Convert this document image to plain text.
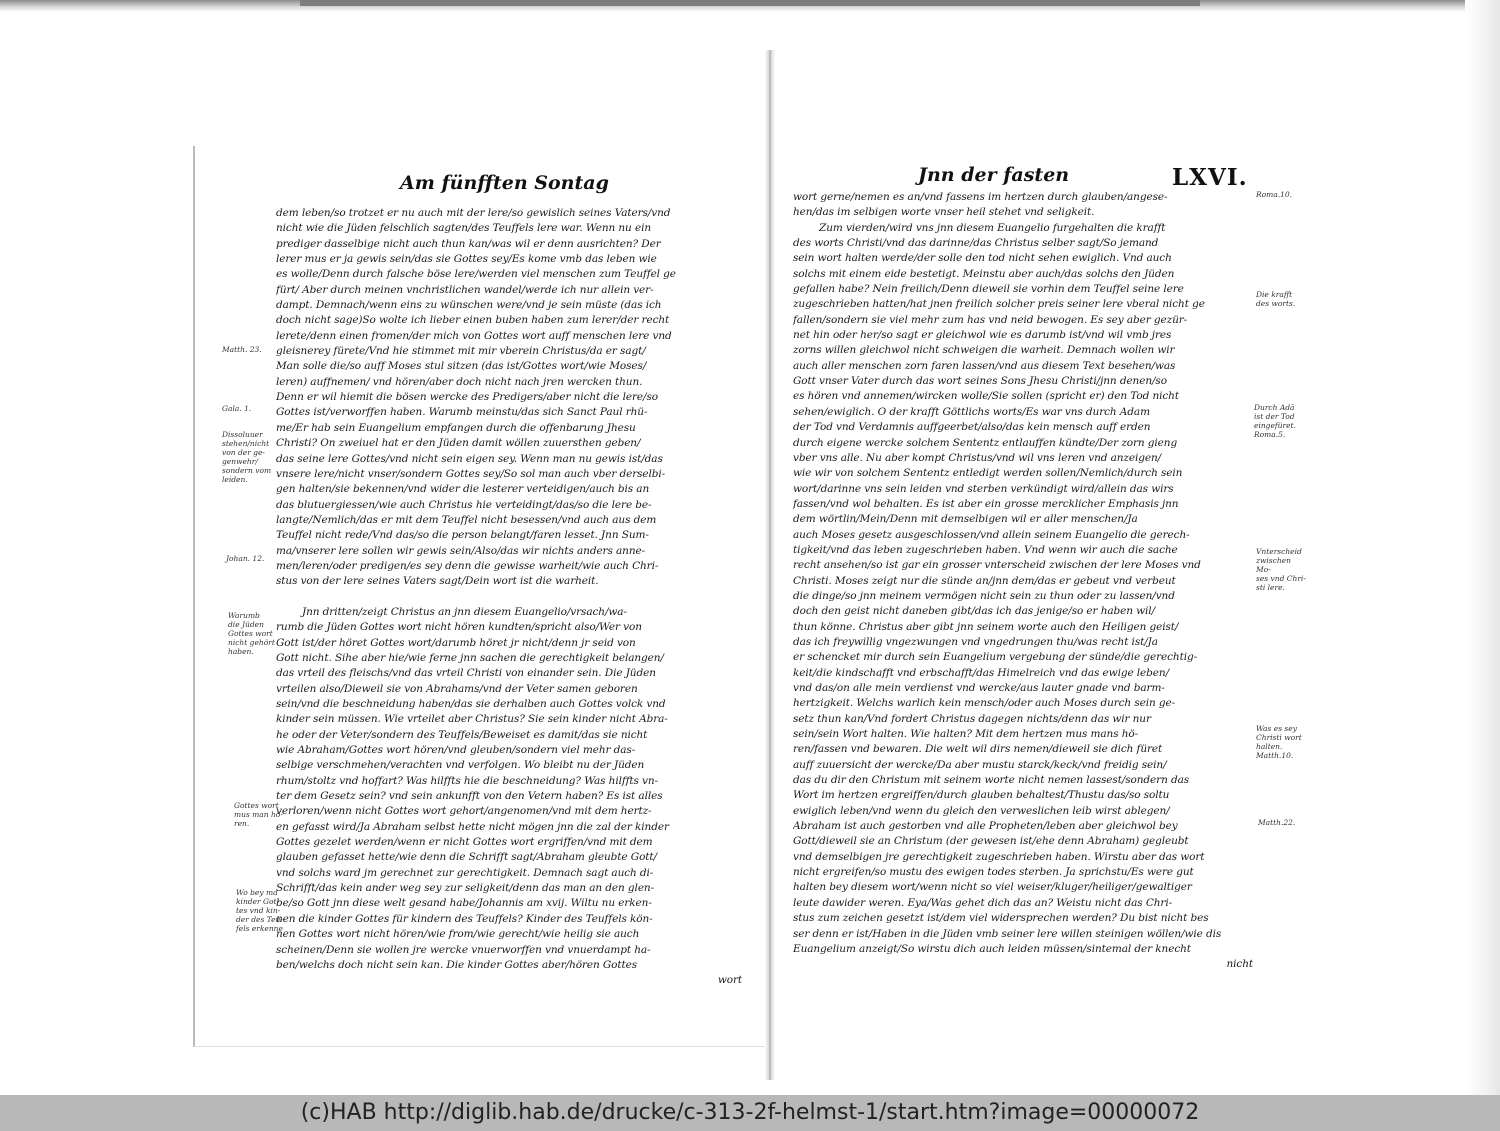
Am fünfften Sontag
dem leben/so trotzet er nu auch mit der lere/so gewislich seines Vaters/vnd
nicht wie die Jüden felschlich sagten/des Teuffels lere war. Wenn nu ein
prediger dasselbige nicht auch thun kan/was wil er denn ausrichten? Der
lerer mus er ja gewis sein/das sie Gottes sey/Es kome vmb das leben wie
es wolle/Denn durch falsche böse lere/werden viel menschen zum Teuffel ge
fürt/ Aber durch meinen vnchristlichen wandel/werde ich nur allein ver-
dampt. Demnach/wenn eins zu wünschen were/vnd je sein müste (das ich
doch nicht sage)So wolte ich lieber einen buben haben zum lerer/der recht
lerete/denn einen fromen/der mich von Gottes wort auff menschen lere vnd
gleisnerey fürete/Vnd hie stimmet mit mir vberein Christus/da er sagt/
Man solle die/so auff Moses stul sitzen (das ist/Gottes wort/wie Moses/
leren) auffnemen/ vnd hören/aber doch nicht nach jren wercken thun.
Denn er wil hiemit die bösen wercke des Predigers/aber nicht die lere/so
Gottes ist/verworffen haben. Warumb meinstu/das sich Sanct Paul rhü-
me/Er hab sein Euangelium empfangen durch die offenbarung Jhesu
Christi? On zweiuel hat er den Jüden damit wöllen zuuersthen geben/
das seine lere Gottes/vnd nicht sein eigen sey. Wenn man nu gewis ist/das
vnsere lere/nicht vnser/sondern Gottes sey/So sol man auch vber derselbi-
gen halten/sie bekennen/vnd wider die lesterer verteidigen/auch bis an
das blutuergiessen/wie auch Christus hie verteidingt/das/so die lere be-
langte/Nemlich/das er mit dem Teuffel nicht besessen/vnd auch aus dem
Teuffel nicht rede/Vnd das/so die person belangt/faren lesset. Jnn Sum-
ma/vnserer lere sollen wir gewis sein/Also/das wir nichts anders anne-
men/leren/oder predigen/es sey denn die gewisse warheit/wie auch Chri-
stus von der lere seines Vaters sagt/Dein wort ist die warheit.
Jnn dritten/zeigt Christus an jnn diesem Euangelio/vrsach/wa-
rumb die Jüden Gottes wort nicht hören kundten/spricht also/Wer von
Gott ist/der höret Gottes wort/darumb höret jr nicht/denn jr seid von
Gott nicht. Sihe aber hie/wie ferne jnn sachen die gerechtigkeit belangen/
das vrteil des fleischs/vnd das vrteil Christi von einander sein. Die Jüden
vrteilen also/Dieweil sie von Abrahams/vnd der Veter samen geboren
sein/vnd die beschneidung haben/das sie derhalben auch Gottes volck vnd
kinder sein müssen. Wie vrteilet aber Christus? Sie sein kinder nicht Abra-
he oder der Veter/sondern des Teuffels/Beweiset es damit/das sie nicht
wie Abraham/Gottes wort hören/vnd gleuben/sondern viel mehr das-
selbige verschmehen/verachten vnd verfolgen. Wo bleibt nu der Jüden
rhum/stoltz vnd hoffart? Was hilffts hie die beschneidung? Was hilffts vn-
ter dem Gesetz sein? vnd sein ankunfft von den Vetern haben? Es ist alles
verloren/wenn nicht Gottes wort gehort/angenomen/vnd mit dem hertz-
en gefasst wird/Ja Abraham selbst hette nicht mögen jnn die zal der kinder
Gottes gezelet werden/wenn er nicht Gottes wort ergriffen/vnd mit dem
glauben gefasset hette/wie denn die Schrifft sagt/Abraham gleubte Gott/
vnd solchs ward jm gerechnet zur gerechtigkeit. Demnach sagt auch di-
Schrifft/das kein ander weg sey zur seligkeit/denn das man an den glen-
be/so Gott jnn diese welt gesand habe/Johannis am xvij. Wiltu nu erken-
nen die kinder Gottes für kindern des Teuffels? Kinder des Teuffels kön-
nen Gottes wort nicht hören/wie from/wie gerecht/wie heilig sie auch
scheinen/Denn sie wollen jre wercke vnuerworffen vnd vnuerdampt ha-
ben/welchs doch nicht sein kan. Die kinder Gottes aber/hören Gottes
wort
Matth. 23.
Gala. 1.
Dissoluuer
stehen/nicht
von der ge-
genwehr/
sondern vom
leiden.
Johan. 12.
Warumb
die Jüden
Gottes wort
nicht gehört
haben.
Gottes wort
mus man hö-
ren.
Wo bey ma
kinder Got-
tes vnd kin-
der des Teu-
fels erkenne
Jnn der fasten	LXVI.
wort gerne/nemen es an/vnd fassens im hertzen durch glauben/angese-
hen/das im selbigen worte vnser heil stehet vnd seligkeit.
Zum vierden/wird vns jnn diesem Euangelio furgehalten die krafft
des worts Christi/vnd das darinne/das Christus selber sagt/So jemand
sein wort halten werde/der solle den tod nicht sehen ewiglich. Vnd auch
solchs mit einem eide bestetigt. Meinstu aber auch/das solchs den Jüden
gefallen habe? Nein freilich/Denn dieweil sie vorhin dem Teuffel seine lere
zugeschrieben hatten/hat jnen freilich solcher preis seiner lere vberal nicht ge
fallen/sondern sie viel mehr zum has vnd neid bewogen. Es sey aber gezür-
net hin oder her/so sagt er gleichwol wie es darumb ist/vnd wil vmb jres
zorns willen gleichwol nicht schweigen die warheit. Demnach wollen wir
auch aller menschen zorn faren lassen/vnd aus diesem Text besehen/was
Gott vnser Vater durch das wort seines Sons Jhesu Christi/jnn denen/so
es hören vnd annemen/wircken wolle/Sie sollen (spricht er) den Tod nicht
sehen/ewiglich. O der krafft Göttlichs worts/Es war vns durch Adam
der Tod vnd Verdamnis auffgeerbet/also/das kein mensch auff erden
durch eigene wercke solchem Sententz entlauffen kündte/Der zorn gieng
vber vns alle. Nu aber kompt Christus/vnd wil vns leren vnd anzeigen/
wie wir von solchem Sententz entledigt werden sollen/Nemlich/durch sein
wort/darinne vns sein leiden vnd sterben verkündigt wird/allein das wirs
fassen/vnd wol behalten. Es ist aber ein grosse mercklicher Emphasis jnn
dem wörtlin/Mein/Denn mit demselbigen wil er aller menschen/Ja
auch Moses gesetz ausgeschlossen/vnd allein seinem Euangelio die gerech-
tigkeit/vnd das leben zugeschrieben haben. Vnd wenn wir auch die sache
recht ansehen/so ist gar ein grosser vnterscheid zwischen der lere Moses vnd
Christi. Moses zeigt nur die sünde an/jnn dem/das er gebeut vnd verbeut
die dinge/so jnn meinem vermögen nicht sein zu thun oder zu lassen/vnd
doch den geist nicht daneben gibt/das ich das jenige/so er haben wil/
thun könne. Christus aber gibt jnn seinem worte auch den Heiligen geist/
das ich freywillig vngezwungen vnd vngedrungen thu/was recht ist/Ja
er schencket mir durch sein Euangelium vergebung der sünde/die gerechtig-
keit/die kindschafft vnd erbschafft/das Himelreich vnd das ewige leben/
vnd das/on alle mein verdienst vnd wercke/aus lauter gnade vnd barm-
hertzigkeit. Welchs warlich kein mensch/oder auch Moses durch sein ge-
setz thun kan/Vnd fordert Christus dagegen nichts/denn das wir nur
sein/sein Wort halten. Wie halten? Mit dem hertzen mus mans hö-
ren/fassen vnd bewaren. Die welt wil dirs nemen/dieweil sie dich füret
auff zuuersicht der wercke/Da aber mustu starck/keck/vnd freidig sein/
das du dir den Christum mit seinem worte nicht nemen lassest/sondern das
Wort im hertzen ergreiffen/durch glauben behaltest/Thustu das/so soltu
ewiglich leben/vnd wenn du gleich den verweslichen leib wirst ablegen/
Abraham ist auch gestorben vnd alle Propheten/leben aber gleichwol bey
Gott/dieweil sie an Christum (der gewesen ist/ehe denn Abraham) gegleubt
vnd demselbigen jre gerechtigkeit zugeschrieben haben. Wirstu aber das wort
nicht ergreifen/so mustu des ewigen todes sterben. Ja sprichstu/Es were gut
halten bey diesem wort/wenn nicht so viel weiser/kluger/heiliger/gewaltiger
leute dawider weren. Eya/Was gehet dich das an? Weistu nicht das Chri-
stus zum zeichen gesetzt ist/dem viel widersprechen werden? Du bist nicht bes
ser denn er ist/Haben in die Jüden vmb seiner lere willen steinigen wöllen/wie dis
Euangelium anzeigt/So wirstu dich auch leiden müssen/sintemal der knecht
nicht
Roma.10.
Die krafft
des worts.
Durch Adā
ist der Tod
eingefüret.
Roma.5.
Vnterscheid
zwischen Mo-
ses vnd Chri-
sti lere.
Was es sey
Christi wort
halten.
Matth.10.
Matth.22.
(c)HAB http://diglib.hab.de/drucke/c-313-2f-helmst-1/start.htm?image=00000072
